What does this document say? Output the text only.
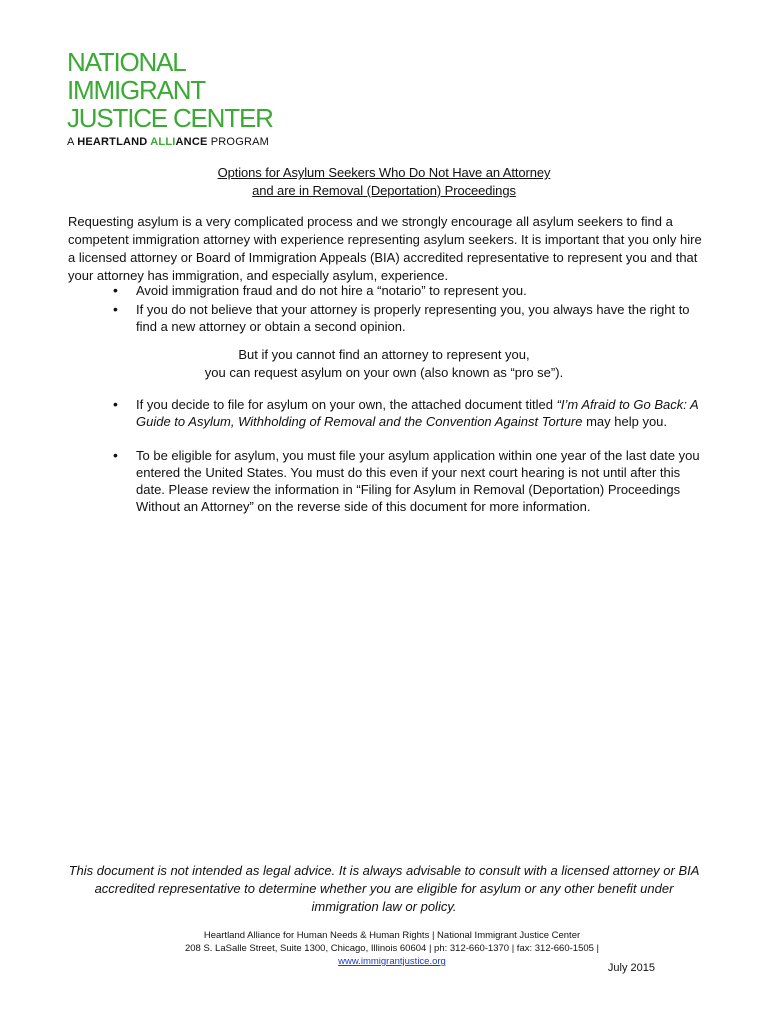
NATIONAL
IMMIGRANT
JUSTICE CENTER
A HEARTLAND ALLIANCE PROGRAM
Options for Asylum Seekers Who Do Not Have an Attorney
and are in Removal (Deportation) Proceedings

Requesting asylum is a very complicated process and we strongly encourage all asylum seekers to find a competent immigration attorney with experience representing asylum seekers. It is important that you only hire a licensed attorney or Board of Immigration Appeals (BIA) accredited representative to represent you and that your attorney has immigration, and especially asylum, experience.

• Avoid immigration fraud and do not hire a “notario” to represent you.
• If you do not believe that your attorney is properly representing you, you always have the right to find a new attorney or obtain a second opinion.
But if you cannot find an attorney to represent you,
you can request asylum on your own (also known as “pro se”).
• If you decide to file for asylum on your own, the attached document titled “I’m Afraid to Go Back: A Guide to Asylum, Withholding of Removal and the Convention Against Torture may help you.
• To be eligible for asylum, you must file your asylum application within one year of the last date you entered the United States. You must do this even if your next court hearing is not until after this date. Please review the information in “Filing for Asylum in Removal (Deportation) Proceedings Without an Attorney” on the reverse side of this document for more information.

This document is not intended as legal advice. It is always advisable to consult with a licensed attorney or BIA accredited representative to determine whether you are eligible for asylum or any other benefit under immigration law or policy.

Heartland Alliance for Human Needs & Human Rights | National Immigrant Justice Center
208 S. LaSalle Street, Suite 1300, Chicago, Illinois 60604 | ph: 312-660-1370 | fax: 312-660-1505 |
www.immigrantjustice.org
July 2015
